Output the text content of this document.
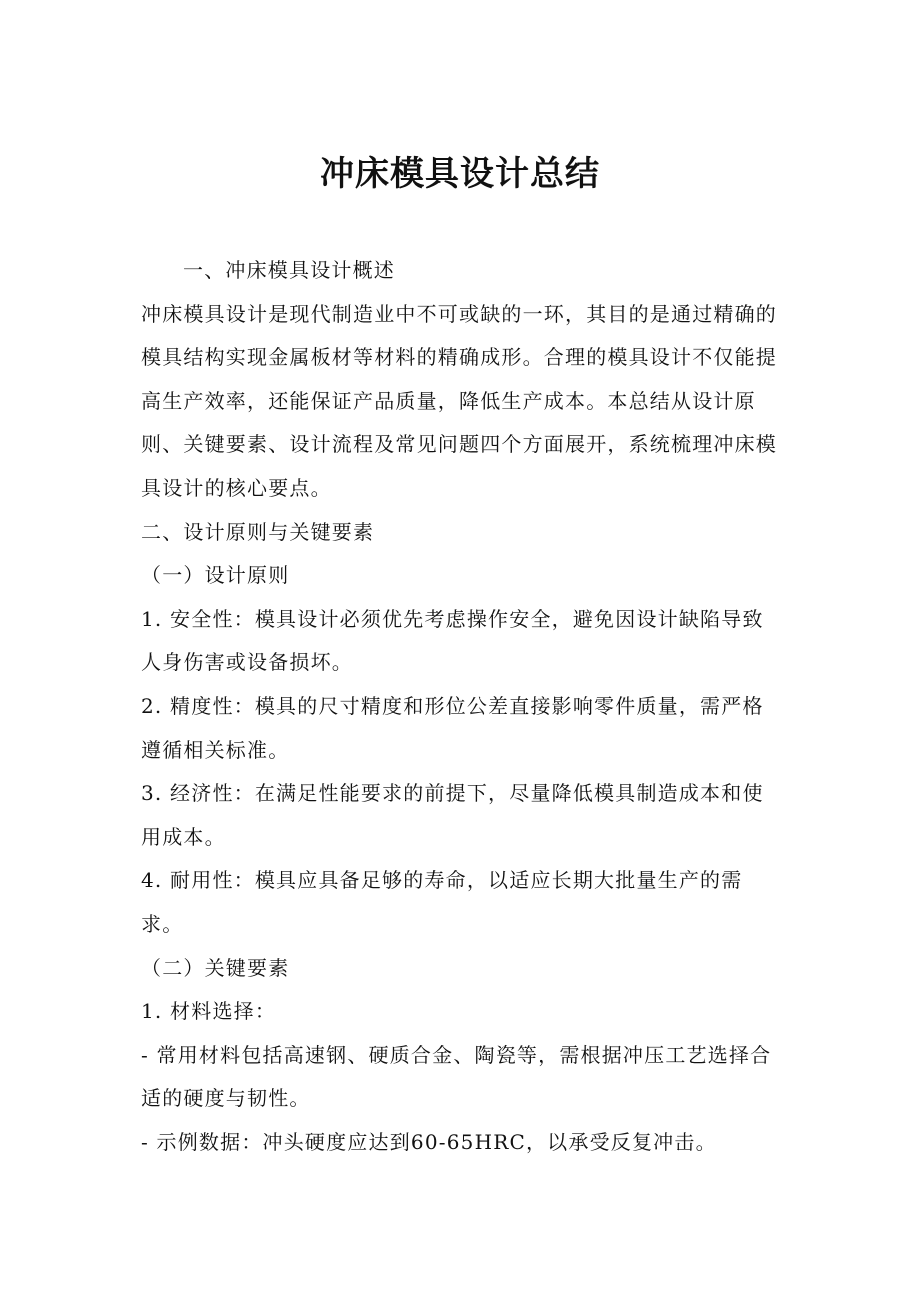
冲床模具设计总结

一、冲床模具设计概述

冲床模具设计是现代制造业中不可或缺的一环，其目的是通过精确的模具结构实现金属板材等材料的精确成形。合理的模具设计不仅能提高生产效率，还能保证产品质量，降低生产成本。本总结从设计原则、关键要素、设计流程及常见问题四个方面展开，系统梳理冲床模具设计的核心要点。

二、设计原则与关键要素

（一）设计原则

1. 安全性：模具设计必须优先考虑操作安全，避免因设计缺陷导致人身伤害或设备损坏。

2. 精度性：模具的尺寸精度和形位公差直接影响零件质量，需严格遵循相关标准。

3. 经济性：在满足性能要求的前提下，尽量降低模具制造成本和使用成本。

4. 耐用性：模具应具备足够的寿命，以适应长期大批量生产的需求。

（二）关键要素

1. 材料选择：

- 常用材料包括高速钢、硬质合金、陶瓷等，需根据冲压工艺选择合适的硬度与韧性。

- 示例数据：冲头硬度应达到60-65HRC，以承受反复冲击。
